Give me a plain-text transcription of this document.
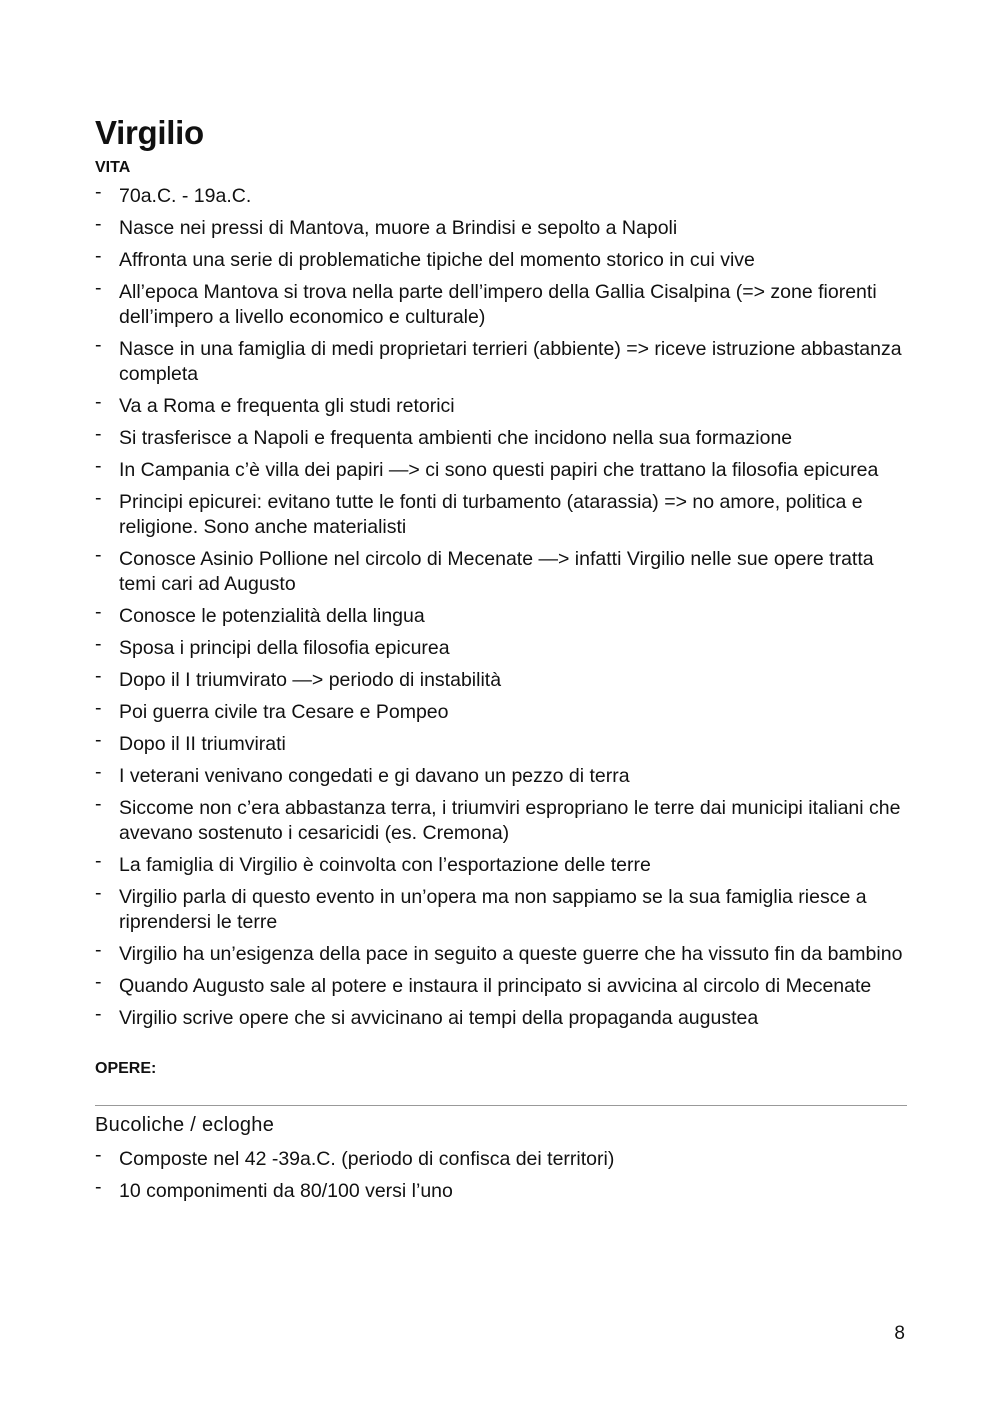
Virgilio
VITA
- 70a.C. - 19a.C.
- Nasce nei pressi di Mantova, muore a Brindisi e sepolto a Napoli
- Affronta una serie di problematiche tipiche del momento storico in cui vive
- All’epoca Mantova si trova nella parte dell’impero della Gallia Cisalpina (=> zone fiorenti dell’impero a livello economico e culturale)
- Nasce in una famiglia di medi proprietari terrieri (abbiente) => riceve istruzione abbastanza completa
- Va a Roma e frequenta gli studi retorici
- Si trasferisce a Napoli e frequenta ambienti che incidono nella sua formazione
- In Campania c’è villa dei papiri —> ci sono questi papiri che trattano la filosofia epicurea
- Principi epicurei: evitano tutte le fonti di turbamento (atarassia) => no amore, politica e religione. Sono anche materialisti
- Conosce Asinio Pollione nel circolo di Mecenate —> infatti Virgilio nelle sue opere tratta temi cari ad Augusto
- Conosce le potenzialità della lingua
- Sposa i principi della filosofia epicurea
- Dopo il I triumvirato —> periodo di instabilità
- Poi guerra civile tra Cesare e Pompeo
- Dopo il II triumvirati
- I veterani venivano congedati e gi davano un pezzo di terra
- Siccome non c’era abbastanza terra, i triumviri espropriano le terre dai municipi italiani che avevano sostenuto i cesaricidi (es. Cremona)
- La famiglia di Virgilio è coinvolta con l’esportazione delle terre
- Virgilio parla di questo evento in un’opera ma non sappiamo se la sua famiglia riesce a riprendersi le terre
- Virgilio ha un’esigenza della pace in seguito a queste guerre che ha vissuto fin da bambino
- Quando Augusto sale al potere e instaura il principato si avvicina al circolo di Mecenate
- Virgilio scrive opere che si avvicinano ai tempi della propaganda augustea
OPERE:
Bucoliche / ecloghe
- Composte nel 42 -39a.C. (periodo di confisca dei territori)
- 10 componimenti da 80/100 versi l’uno
8
